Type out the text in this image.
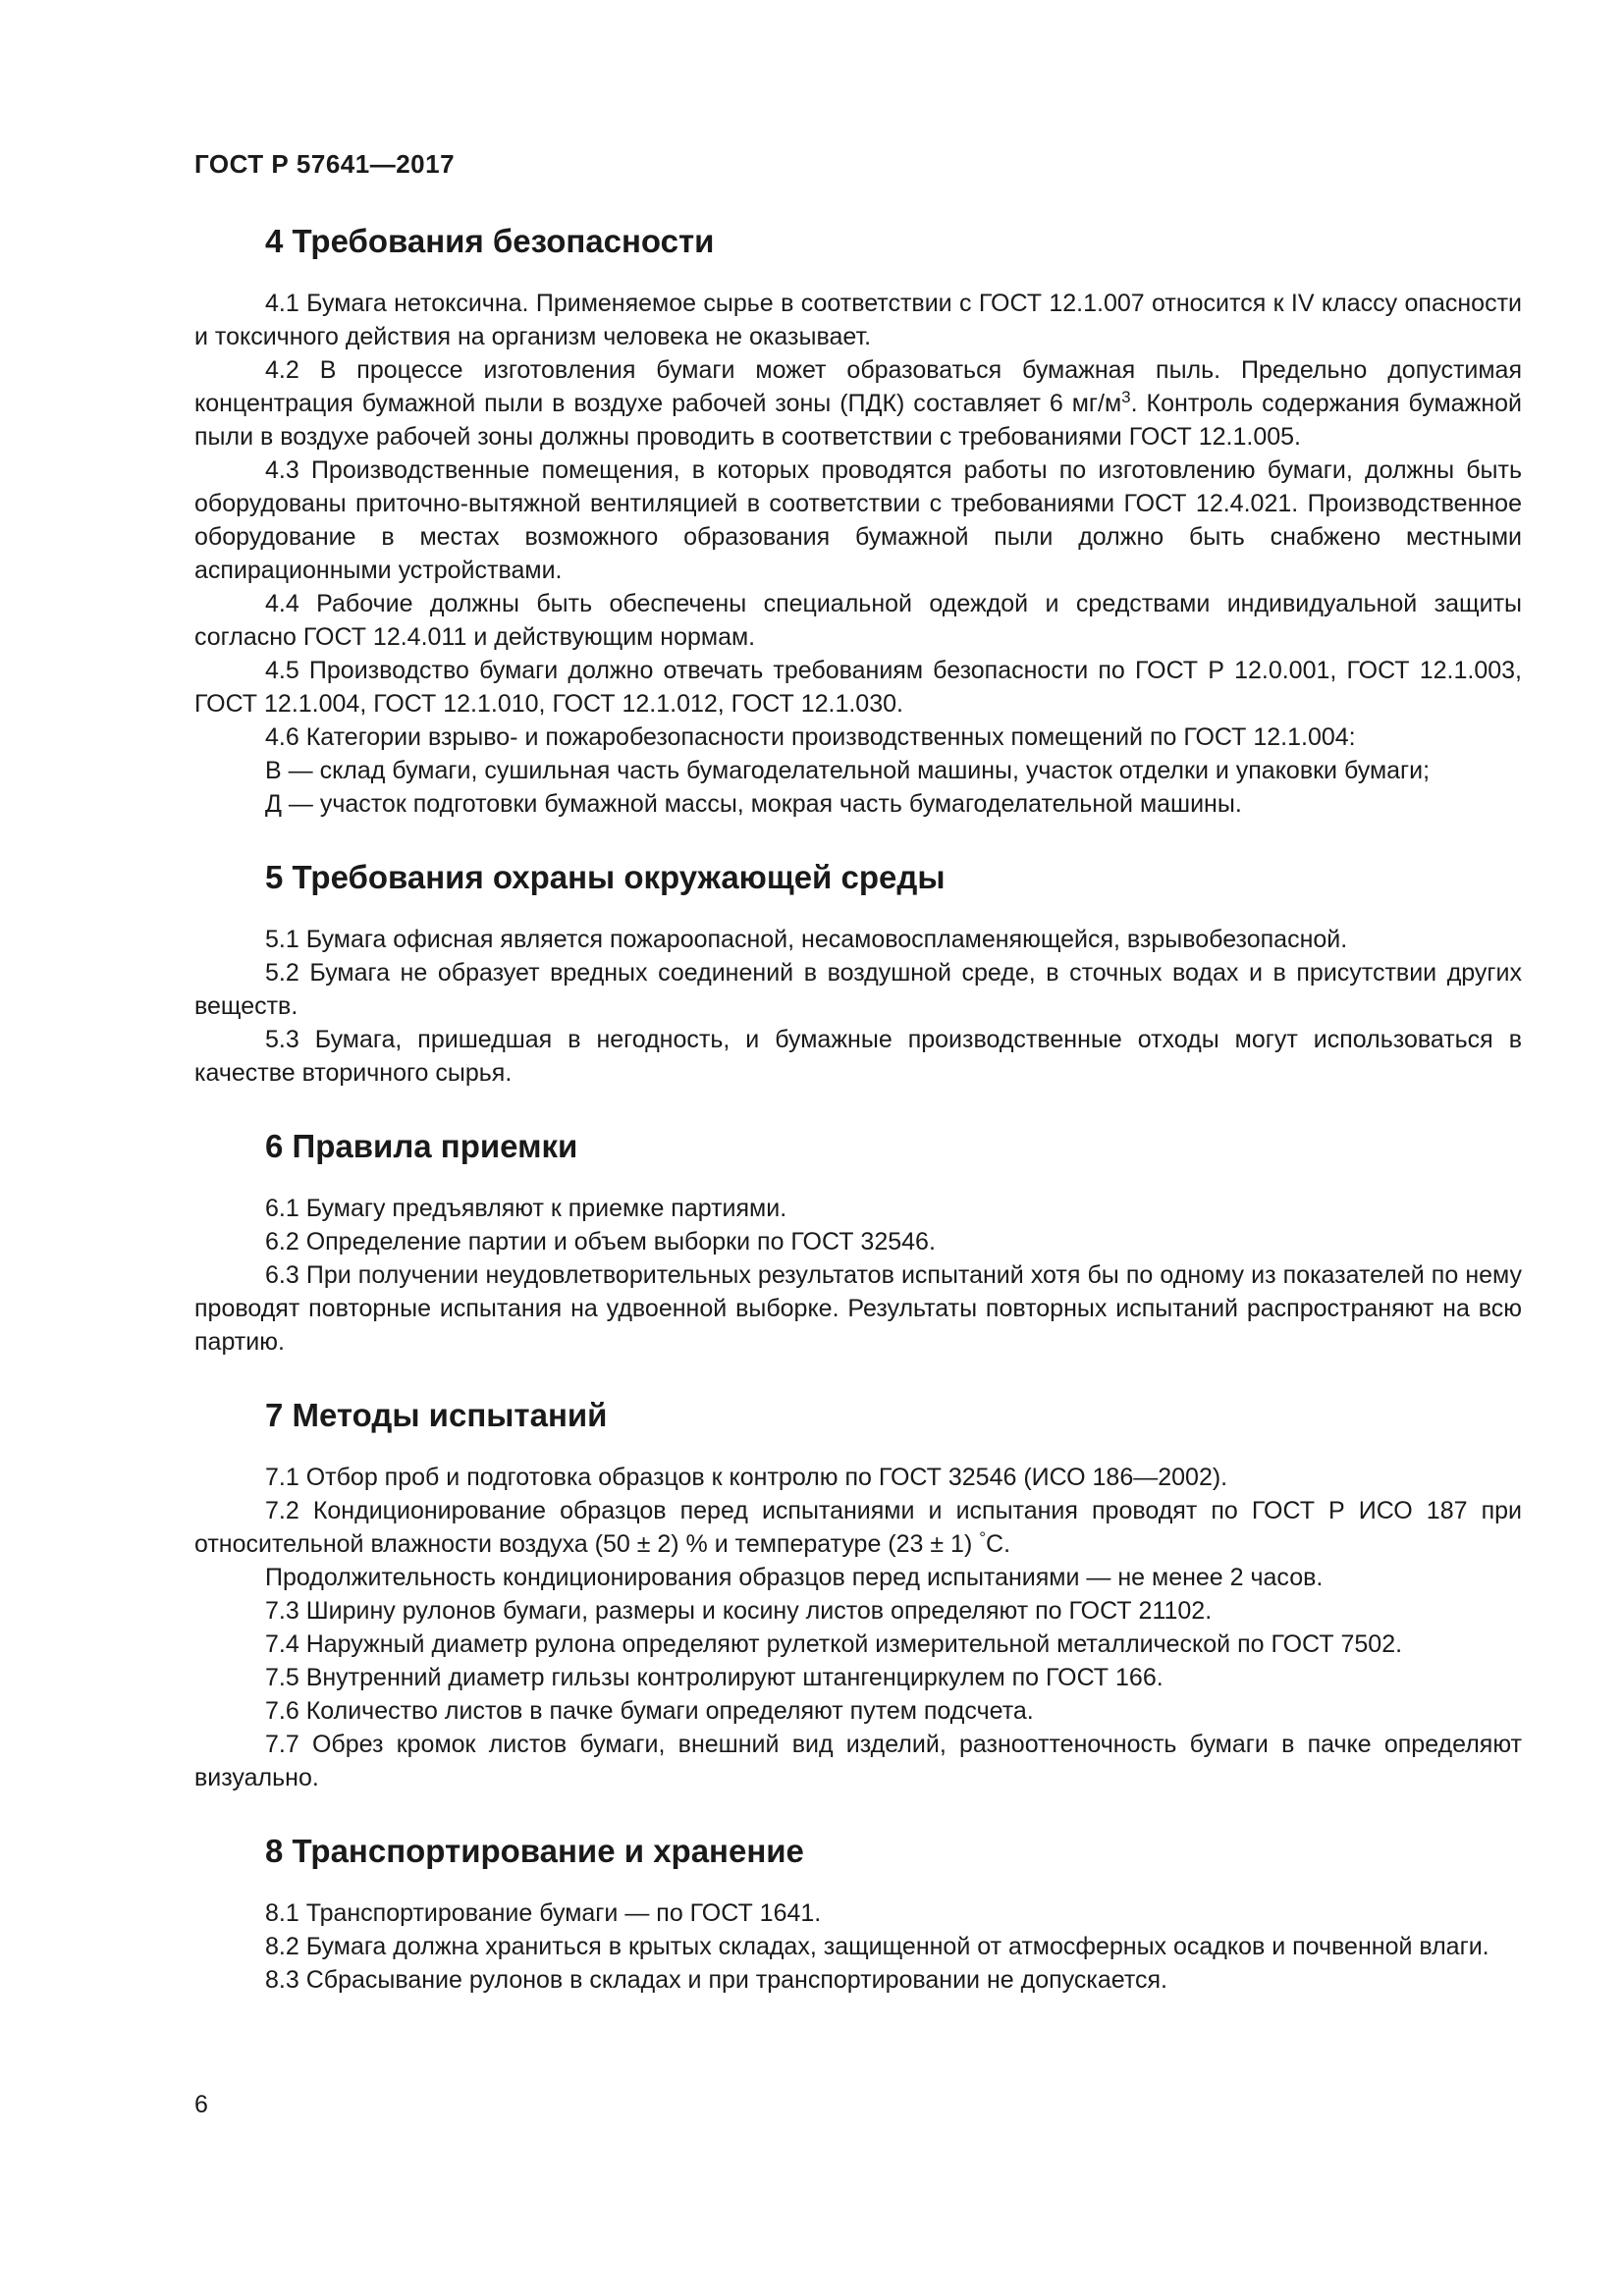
ГОСТ Р 57641—2017
4 Требования безопасности

4.1 Бумага нетоксична. Применяемое сырье в соответствии с ГОСТ 12.1.007 относится к IV классу опасности и токсичного действия на организм человека не оказывает.

4.2 В процессе изготовления бумаги может образоваться бумажная пыль. Предельно допустимая концентрация бумажной пыли в воздухе рабочей зоны (ПДК) составляет 6 $мг/м^3$. Контроль содержания бумажной пыли в воздухе рабочей зоны должны проводить в соответствии с требованиями ГОСТ 12.1.005.

4.3 Производственные помещения, в которых проводятся работы по изготовлению бумаги, должны быть оборудованы приточно-вытяжной вентиляцией в соответствии с требованиями ГОСТ 12.4.021. Производственное оборудование в местах возможного образования бумажной пыли должно быть снабжено местными аспирационными устройствами.

4.4 Рабочие должны быть обеспечены специальной одеждой и средствами индивидуальной защиты согласно ГОСТ 12.4.011 и действующим нормам.

4.5 Производство бумаги должно отвечать требованиям безопасности по ГОСТ Р 12.0.001, ГОСТ 12.1.003, ГОСТ 12.1.004, ГОСТ 12.1.010, ГОСТ 12.1.012, ГОСТ 12.1.030.

4.6 Категории взрыво- и пожаробезопасности производственных помещений по ГОСТ 12.1.004:

В — склад бумаги, сушильная часть бумагоделательной машины, участок отделки и упаковки бумаги;

Д — участок подготовки бумажной массы, мокрая часть бумагоделательной машины.

5 Требования охраны окружающей среды

5.1 Бумага офисная является пожароопасной, несамовоспламеняющейся, взрывобезопасной.

5.2 Бумага не образует вредных соединений в воздушной среде, в сточных водах и в присутствии других веществ.

5.3 Бумага, пришедшая в негодность, и бумажные производственные отходы могут использоваться в качестве вторичного сырья.

6 Правила приемки

6.1 Бумагу предъявляют к приемке партиями.

6.2 Определение партии и объем выборки по ГОСТ 32546.

6.3 При получении неудовлетворительных результатов испытаний хотя бы по одному из показателей по нему проводят повторные испытания на удвоенной выборке. Результаты повторных испытаний распространяют на всю партию.

7 Методы испытаний

7.1 Отбор проб и подготовка образцов к контролю по ГОСТ 32546 (ИСО 186—2002).

7.2 Кондиционирование образцов перед испытаниями и испытания проводят по ГОСТ Р ИСО 187 при относительной влажности воздуха (50 ± 2) % и температуре (23 ± 1) °С.

Продолжительность кондиционирования образцов перед испытаниями — не менее 2 часов.

7.3 Ширину рулонов бумаги, размеры и косину листов определяют по ГОСТ 21102.

7.4 Наружный диаметр рулона определяют рулеткой измерительной металлической по ГОСТ 7502.

7.5 Внутренний диаметр гильзы контролируют штангенциркулем по ГОСТ 166.

7.6 Количество листов в пачке бумаги определяют путем подсчета.

7.7 Обрез кромок листов бумаги, внешний вид изделий, разнооттеночность бумаги в пачке определяют визуально.

8 Транспортирование и хранение

8.1 Транспортирование бумаги — по ГОСТ 1641.

8.2 Бумага должна храниться в крытых складах, защищенной от атмосферных осадков и почвенной влаги.

8.3 Сбрасывание рулонов в складах и при транспортировании не допускается.

6
